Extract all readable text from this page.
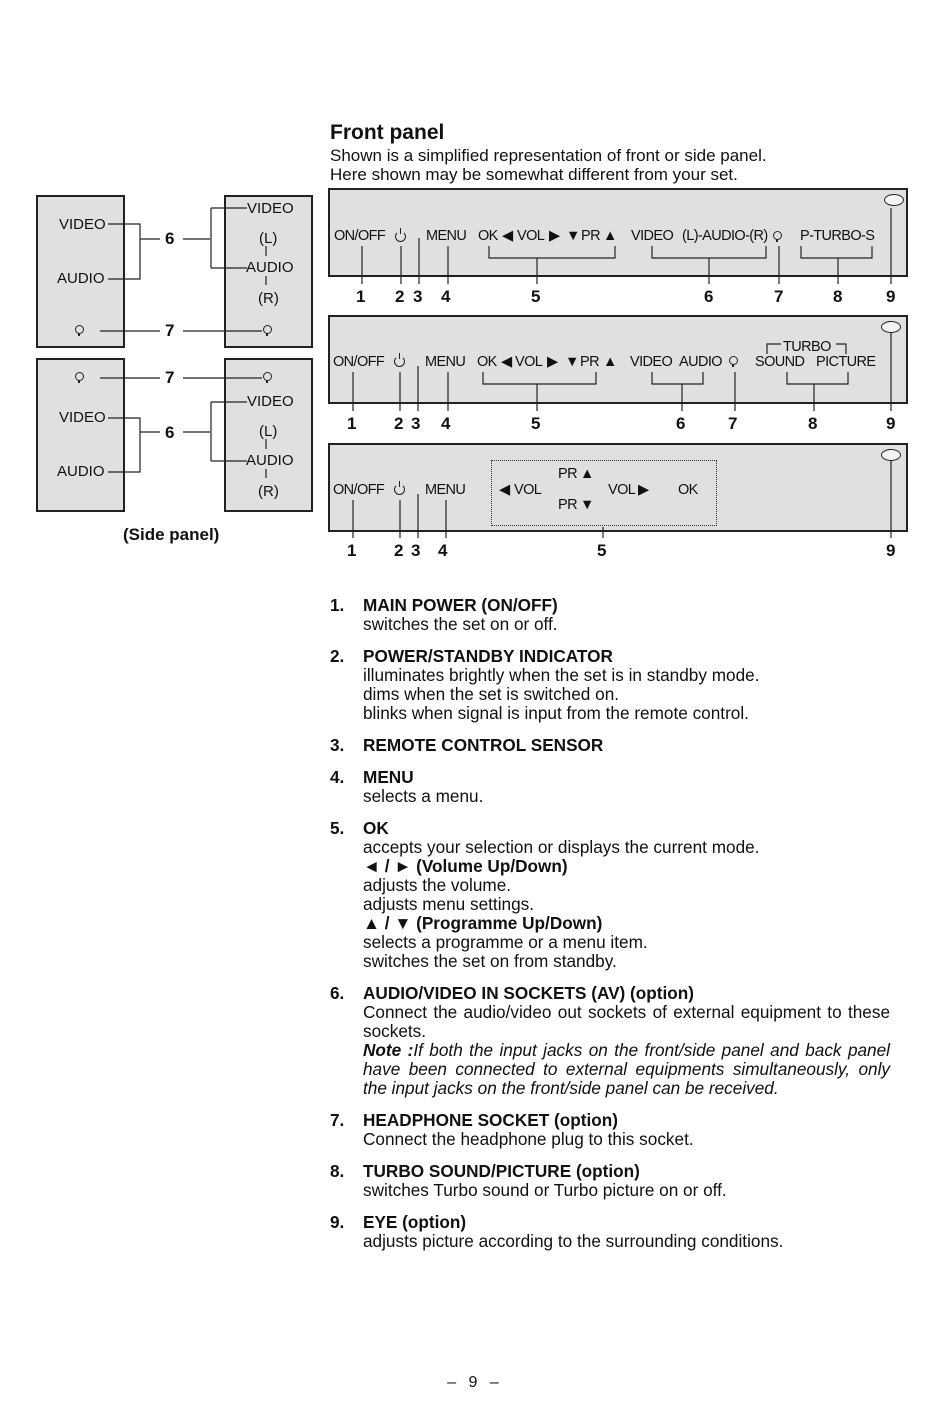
Front panel
Shown is a simplified representation of front or side panel.
Here shown may be somewhat different from your set.
VIDEO
AUDIO
VIDEO
(L)
AUDIO
(R)
VIDEO
AUDIO
VIDEO
(L)
AUDIO
(R)
6
7
7
6
(Side panel)
ON/OFF	MENU OK ◀ VOL ▶ ▼ PR ▲ VIDEO (L)-AUDIO-(R) P-TURBO-S
1 2 3 4	5	6	7	8	9
ON/OFF	MENU OK ◀ VOL ▶ ▼ PR ▲ VIDEO AUDIO
TURBO
SOUND PICTURE
1 2 3 4	5	6	7	8	9
ON/OFF	MENU
PR ▲
◀ VOL	VOL ▶ OK
PR ▼
1 2 3 4	5	9
1. MAIN POWER (ON/OFF)
switches the set on or off.
2. POWER/STANDBY INDICATOR
illuminates brightly when the set is in standby mode.
dims when the set is switched on.
blinks when signal is input from the remote control.
3. REMOTE CONTROL SENSOR
4. MENU
selects a menu.
5. OK
accepts your selection or displays the current mode.
◄ / ► (Volume Up/Down)
adjusts the volume.
adjusts menu settings.
▲ / ▼ (Programme Up/Down)
selects a programme or a menu item.
switches the set on from standby.
6. AUDIO/VIDEO IN SOCKETS (AV) (option)
Connect the audio/video out sockets of external equipment to these sockets.
Note :If both the input jacks on the front/side panel and back panel have been connected to external equipments simultaneously, only the input jacks on the front/side panel can be received.
7. HEADPHONE SOCKET (option)
Connect the headphone plug to this socket.
8. TURBO SOUND/PICTURE (option)
switches Turbo sound or Turbo picture on or off.
9. EYE (option)
adjusts picture according to the surrounding conditions.
– 9 –
